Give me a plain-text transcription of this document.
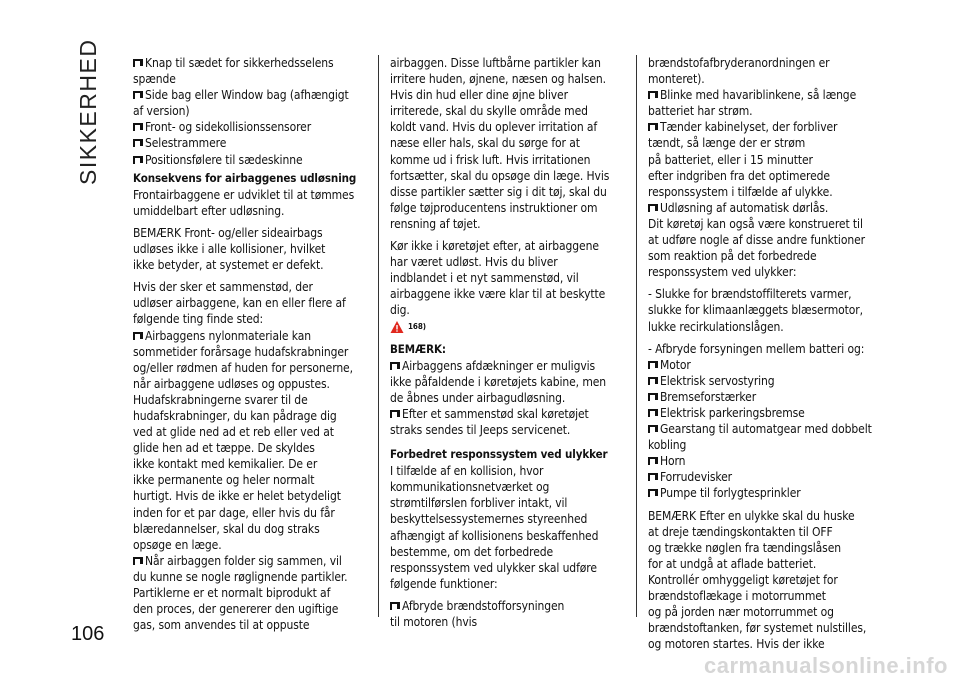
SIKKERHED	Knap til sædet for sikkerhedsselens
spænde
Side bag eller Window bag (afhængigt
af version)
Front- og sidekollisionssensorer
Selestrammere
Positionsfølere til sædeskinne
Konsekvens for airbaggenes udløsning
Frontairbaggene er udviklet til at tømmes
umiddelbart efter udløsning.
BEMÆRK Front- og/eller sideairbags
udløses ikke i alle kollisioner, hvilket
ikke betyder, at systemet er defekt.
Hvis der sker et sammenstød, der
udløser airbaggene, kan en eller flere af
følgende ting finde sted:
Airbaggens nylonmateriale kan
sommetider forårsage hudafskrabninger
og/eller rødmen af huden for personerne,
når airbaggene udløses og oppustes.
Hudafskrabningerne svarer til de
hudafskrabninger, du kan pådrage dig
ved at glide ned ad et reb eller ved at
glide hen ad et tæppe. De skyldes
ikke kontakt med kemikalier. De er
ikke permanente og heler normalt
hurtigt. Hvis de ikke er helet betydeligt
inden for et par dage, eller hvis du får
blæredannelser, skal du dog straks
opsøge en læge.
Når airbaggen folder sig sammen, vil
du kunne se nogle røglignende partikler.
Partiklerne er et normalt biprodukt af
den proces, der genererer den ugiftige
gas, som anvendes til at oppuste
airbaggen. Disse luftbårne partikler kan
irritere huden, øjnene, næsen og halsen.
Hvis din hud eller dine øjne bliver
irriterede, skal du skylle område med
koldt vand. Hvis du oplever irritation af
næse eller hals, skal du sørge for at
komme ud i frisk luft. Hvis irritationen
fortsætter, skal du opsøge din læge. Hvis
disse partikler sætter sig i dit tøj, skal du
følge tøjproducentens instruktioner om
rensning af tøjet.
Kør ikke i køretøjet efter, at airbaggene
har været udløst. Hvis du bliver
indblandet i et nyt sammenstød, vil
airbaggene ikke være klar til at beskytte
dig.
$^{168)}$
BEMÆRK:
Airbaggens afdækninger er muligvis
ikke påfaldende i køretøjets kabine, men
de åbnes under airbagudløsning.
Efter et sammenstød skal køretøjet
straks sendes til Jeeps servicenet.
Forbedret responssystem ved ulykker
I tilfælde af en kollision, hvor
kommunikationsnetværket og
strømtilførslen forbliver intakt, vil
beskyttelsessystemernes styreenhed
afhængigt af kollisionens beskaffenhed
bestemme, om det forbedrede
responssystem ved ulykker skal udføre
følgende funktioner:
Afbryde brændstofforsyningen
til motoren (hvis
brændstofafbryderanordningen er
monteret).
Blinke med havariblinkene, så længe
batteriet har strøm.
Tænder kabinelyset, der forbliver
tændt, så længe der er strøm
på batteriet, eller i 15 minutter
efter indgriben fra det optimerede
responssystem i tilfælde af ulykke.
Udløsning af automatisk dørlås.
Dit køretøj kan også være konstrueret til
at udføre nogle af disse andre funktioner
som reaktion på det forbedrede
responssystem ved ulykker:
- Slukke for brændstoffilterets varmer,
slukke for klimaanlæggets blæsermotor,
lukke recirkulationslågen.
- Afbryde forsyningen mellem batteri og:
Motor
Elektrisk servostyring
Bremseforstærker
Elektrisk parkeringsbremse
Gearstang til automatgear med dobbelt
kobling
Horn
Forrudevisker
Pumpe til forlygtesprinkler
BEMÆRK Efter en ulykke skal du huske
at dreje tændingskontakten til OFF
og trække nøglen fra tændingslåsen
for at undgå at aflade batteriet.
Kontrollér omhyggeligt køretøjet for
brændstoflækage i motorrummet
og på jorden nær motorrummet og
brændstoftanken, før systemet nulstilles,
og motoren startes. Hvis der ikke
106
carmanualsonline.info
